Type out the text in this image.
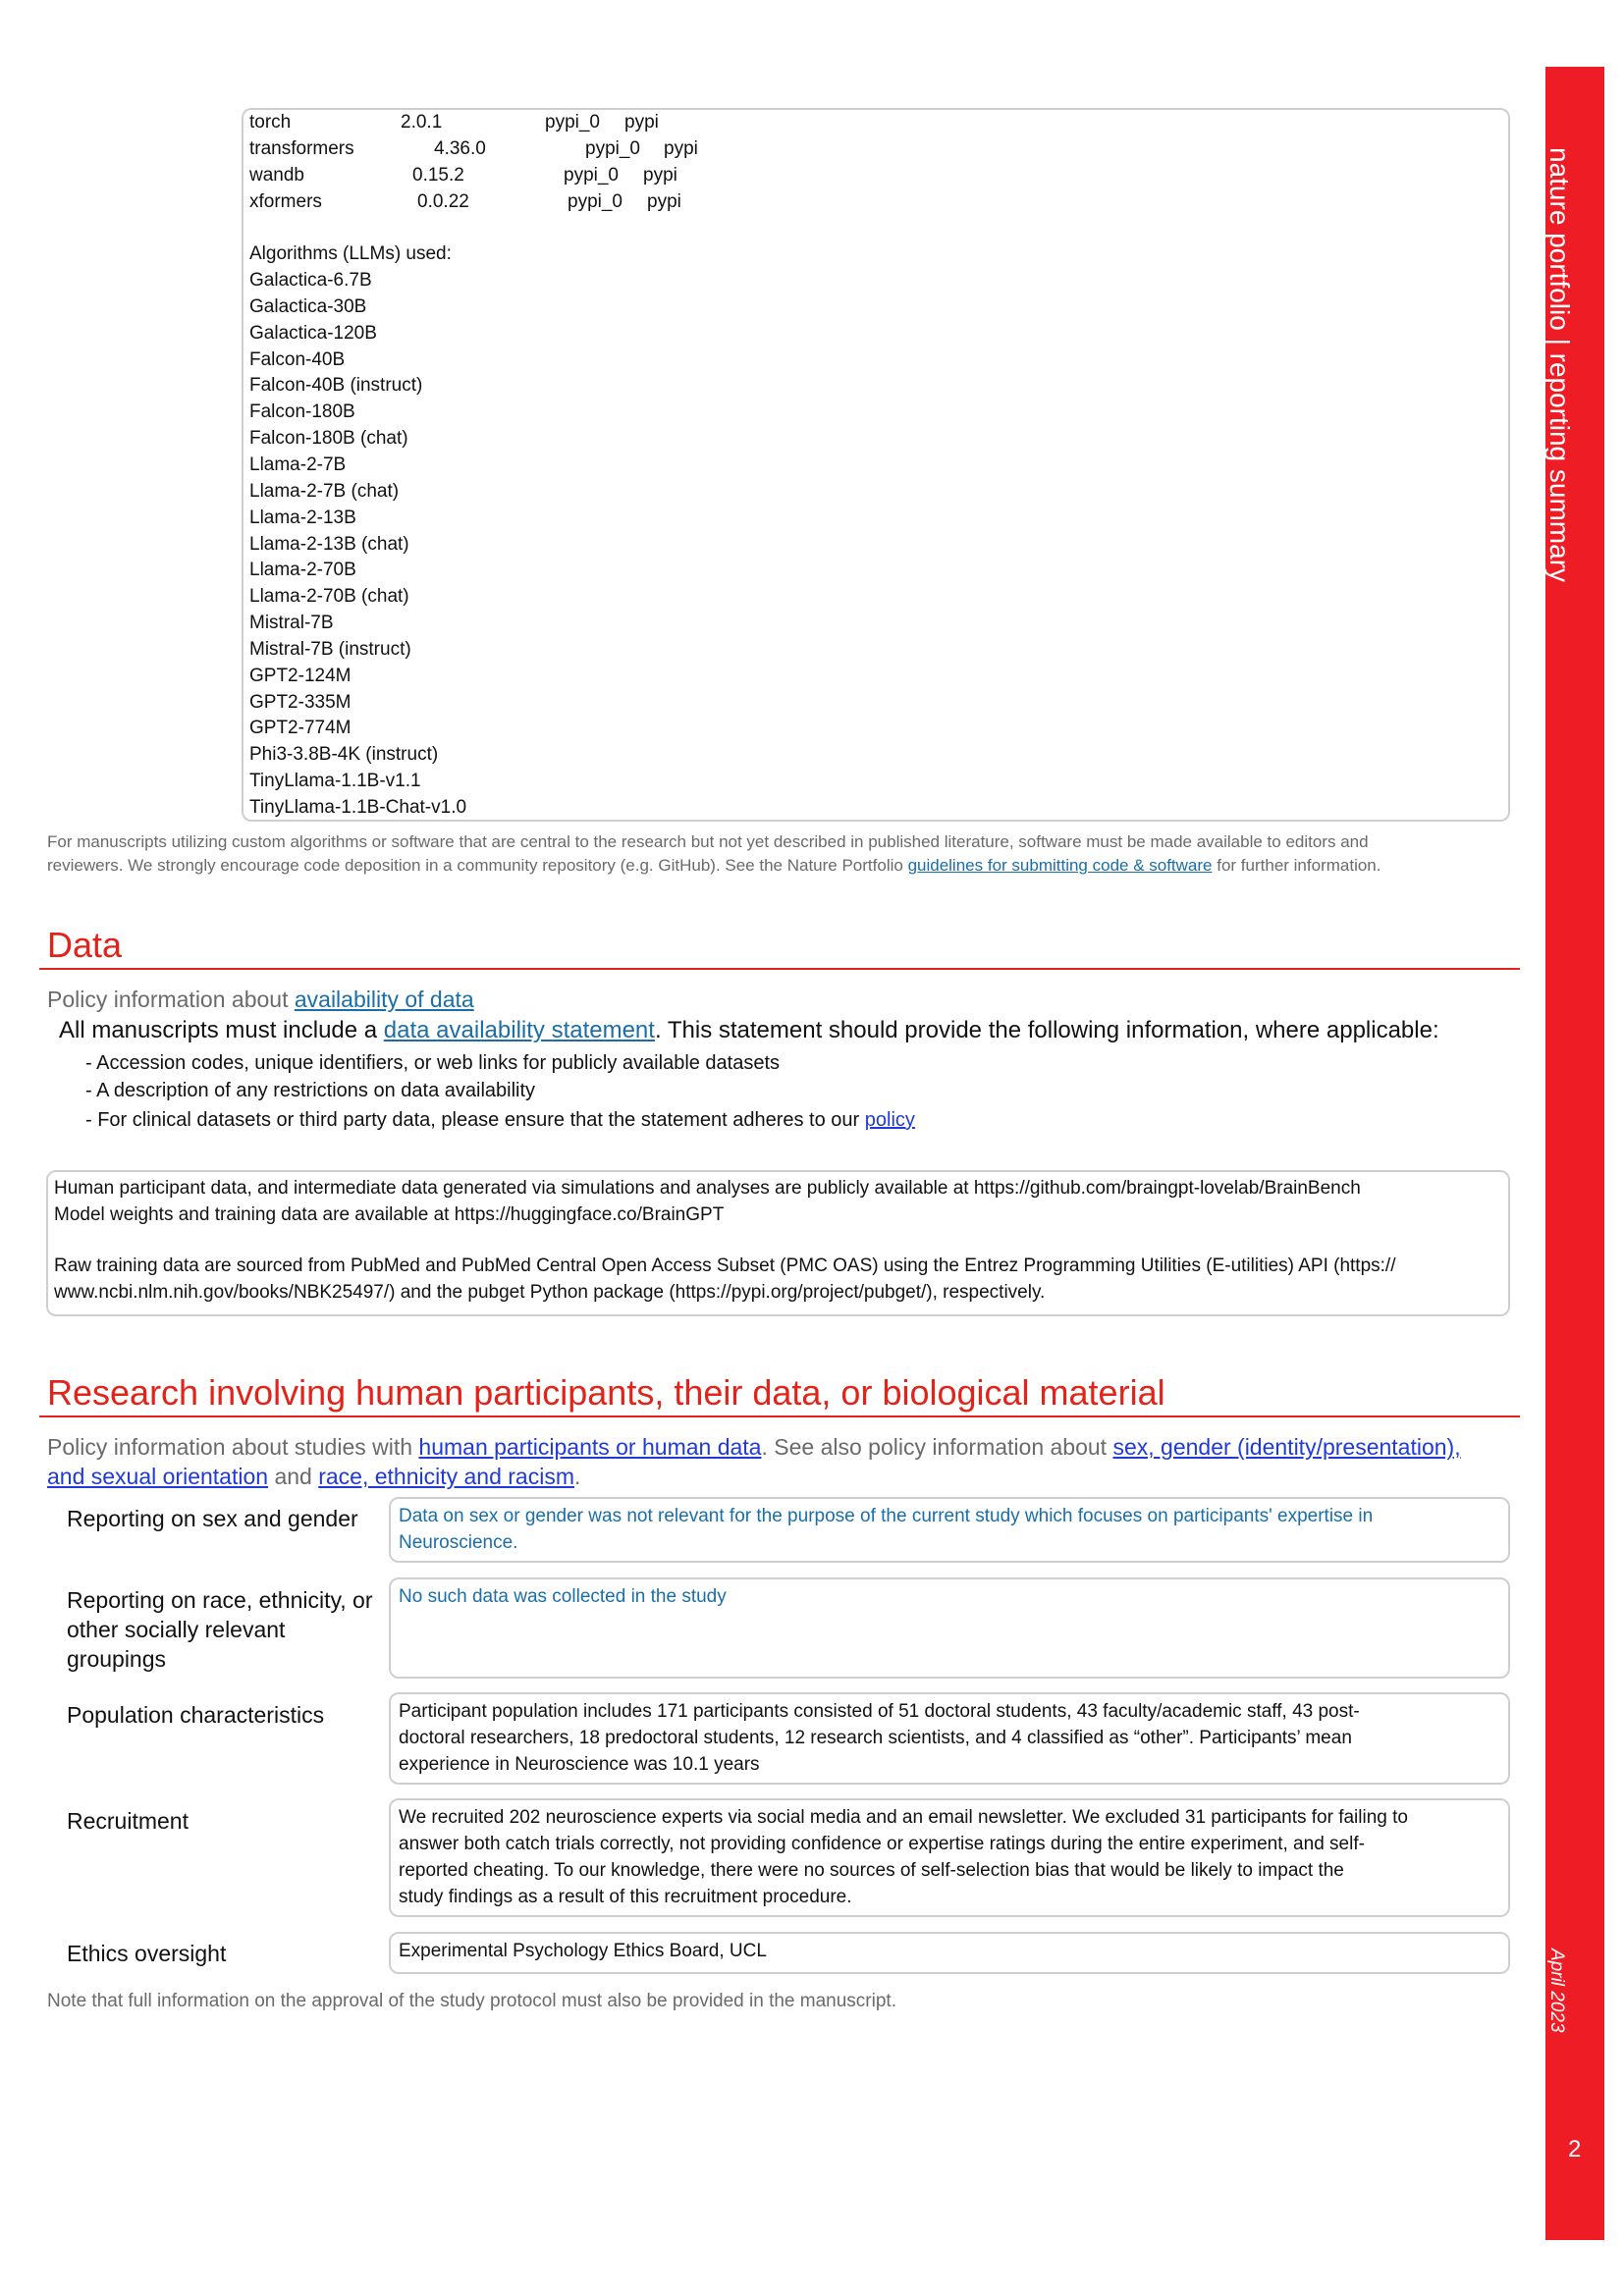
nature portfolio | reporting summary
April 2023
2
torch	2.0.1	pypi_0 pypi
transformers	4.36.0	pypi_0 pypi
wandb	0.15.2	pypi_0 pypi
xformers	0.0.22	pypi_0 pypi
Algorithms (LLMs) used:
Galactica-6.7B
Galactica-30B
Galactica-120B
Falcon-40B
Falcon-40B (instruct)
Falcon-180B
Falcon-180B (chat)
Llama-2-7B
Llama-2-7B (chat)
Llama-2-13B
Llama-2-13B (chat)
Llama-2-70B
Llama-2-70B (chat)
Mistral-7B
Mistral-7B (instruct)
GPT2-124M
GPT2-335M
GPT2-774M
Phi3-3.8B-4K (instruct)
TinyLlama-1.1B-v1.1
TinyLlama-1.1B-Chat-v1.0
For manuscripts utilizing custom algorithms or software that are central to the research but not yet described in published literature, software must be made available to editors and
reviewers. We strongly encourage code deposition in a community repository (e.g. GitHub). See the Nature Portfolio guidelines for submitting code & software for further information.
Data
Policy information about availability of data
All manuscripts must include a data availability statement. This statement should provide the following information, where applicable:
- Accession codes, unique identifiers, or web links for publicly available datasets
- A description of any restrictions on data availability
- For clinical datasets or third party data, please ensure that the statement adheres to our policy
Human participant data, and intermediate data generated via simulations and analyses are publicly available at https://github.com/braingpt-lovelab/BrainBench
Model weights and training data are available at https://huggingface.co/BrainGPT
Raw training data are sourced from PubMed and PubMed Central Open Access Subset (PMC OAS) using the Entrez Programming Utilities (E-utilities) API (https://
www.ncbi.nlm.nih.gov/books/NBK25497/) and the pubget Python package (https://pypi.org/project/pubget/), respectively.
Research involving human participants, their data, or biological material
Policy information about studies with human participants or human data. See also policy information about sex, gender (identity/presentation),
and sexual orientation and race, ethnicity and racism.
Reporting on sex and gender	Data on sex or gender was not relevant for the purpose of the current study which focuses on participants' expertise in
Neuroscience.
Reporting on race, ethnicity, or other socially relevant groupings
No such data was collected in the study
Population characteristics	Participant population includes 171 participants consisted of 51 doctoral students, 43 faculty/academic staff, 43 post-
doctoral researchers, 18 predoctoral students, 12 research scientists, and 4 classified as “other”. Participants’ mean
experience in Neuroscience was 10.1 years
Recruitment	We recruited 202 neuroscience experts via social media and an email newsletter. We excluded 31 participants for failing to
answer both catch trials correctly, not providing confidence or expertise ratings during the entire experiment, and self-
reported cheating. To our knowledge, there were no sources of self-selection bias that would be likely to impact the
study findings as a result of this recruitment procedure.
Ethics oversight	Experimental Psychology Ethics Board, UCL
Note that full information on the approval of the study protocol must also be provided in the manuscript.
